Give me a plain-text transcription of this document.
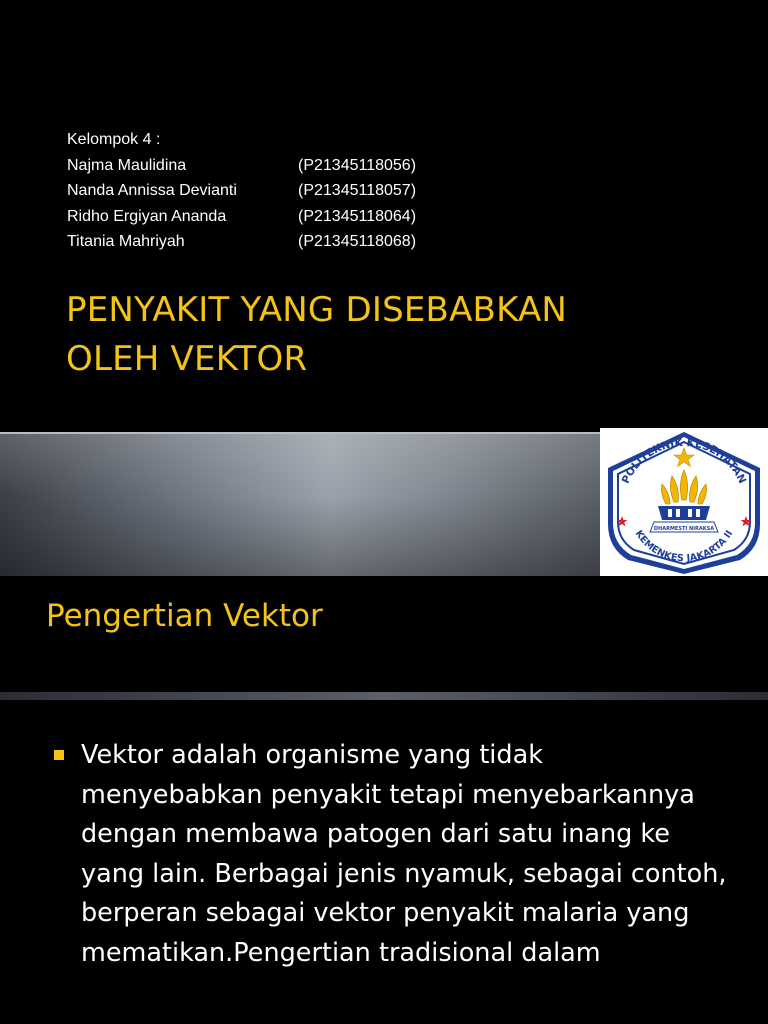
Kelompok 4 :
Najma Maulidina	(P21345118056)
Nanda Annissa Devianti	(P21345118057)
Ridho Ergiyan Ananda	(P21345118064)
Titania Mahriyah	(P21345118068)
PENYAKIT YANG DISEBABKAN
OLEH VEKTOR
POLITEKNIK KESEHATAN
KEMENKES JAKARTA II
DHARMESTI NIRAKSA
Pengertian Vektor

Vektor adalah organisme yang tidak menyebabkan penyakit tetapi menyebarkannya dengan membawa patogen dari satu inang ke yang lain. Berbagai jenis nyamuk, sebagai contoh, berperan sebagai vektor penyakit malaria yang mematikan.Pengertian tradisional dalam
